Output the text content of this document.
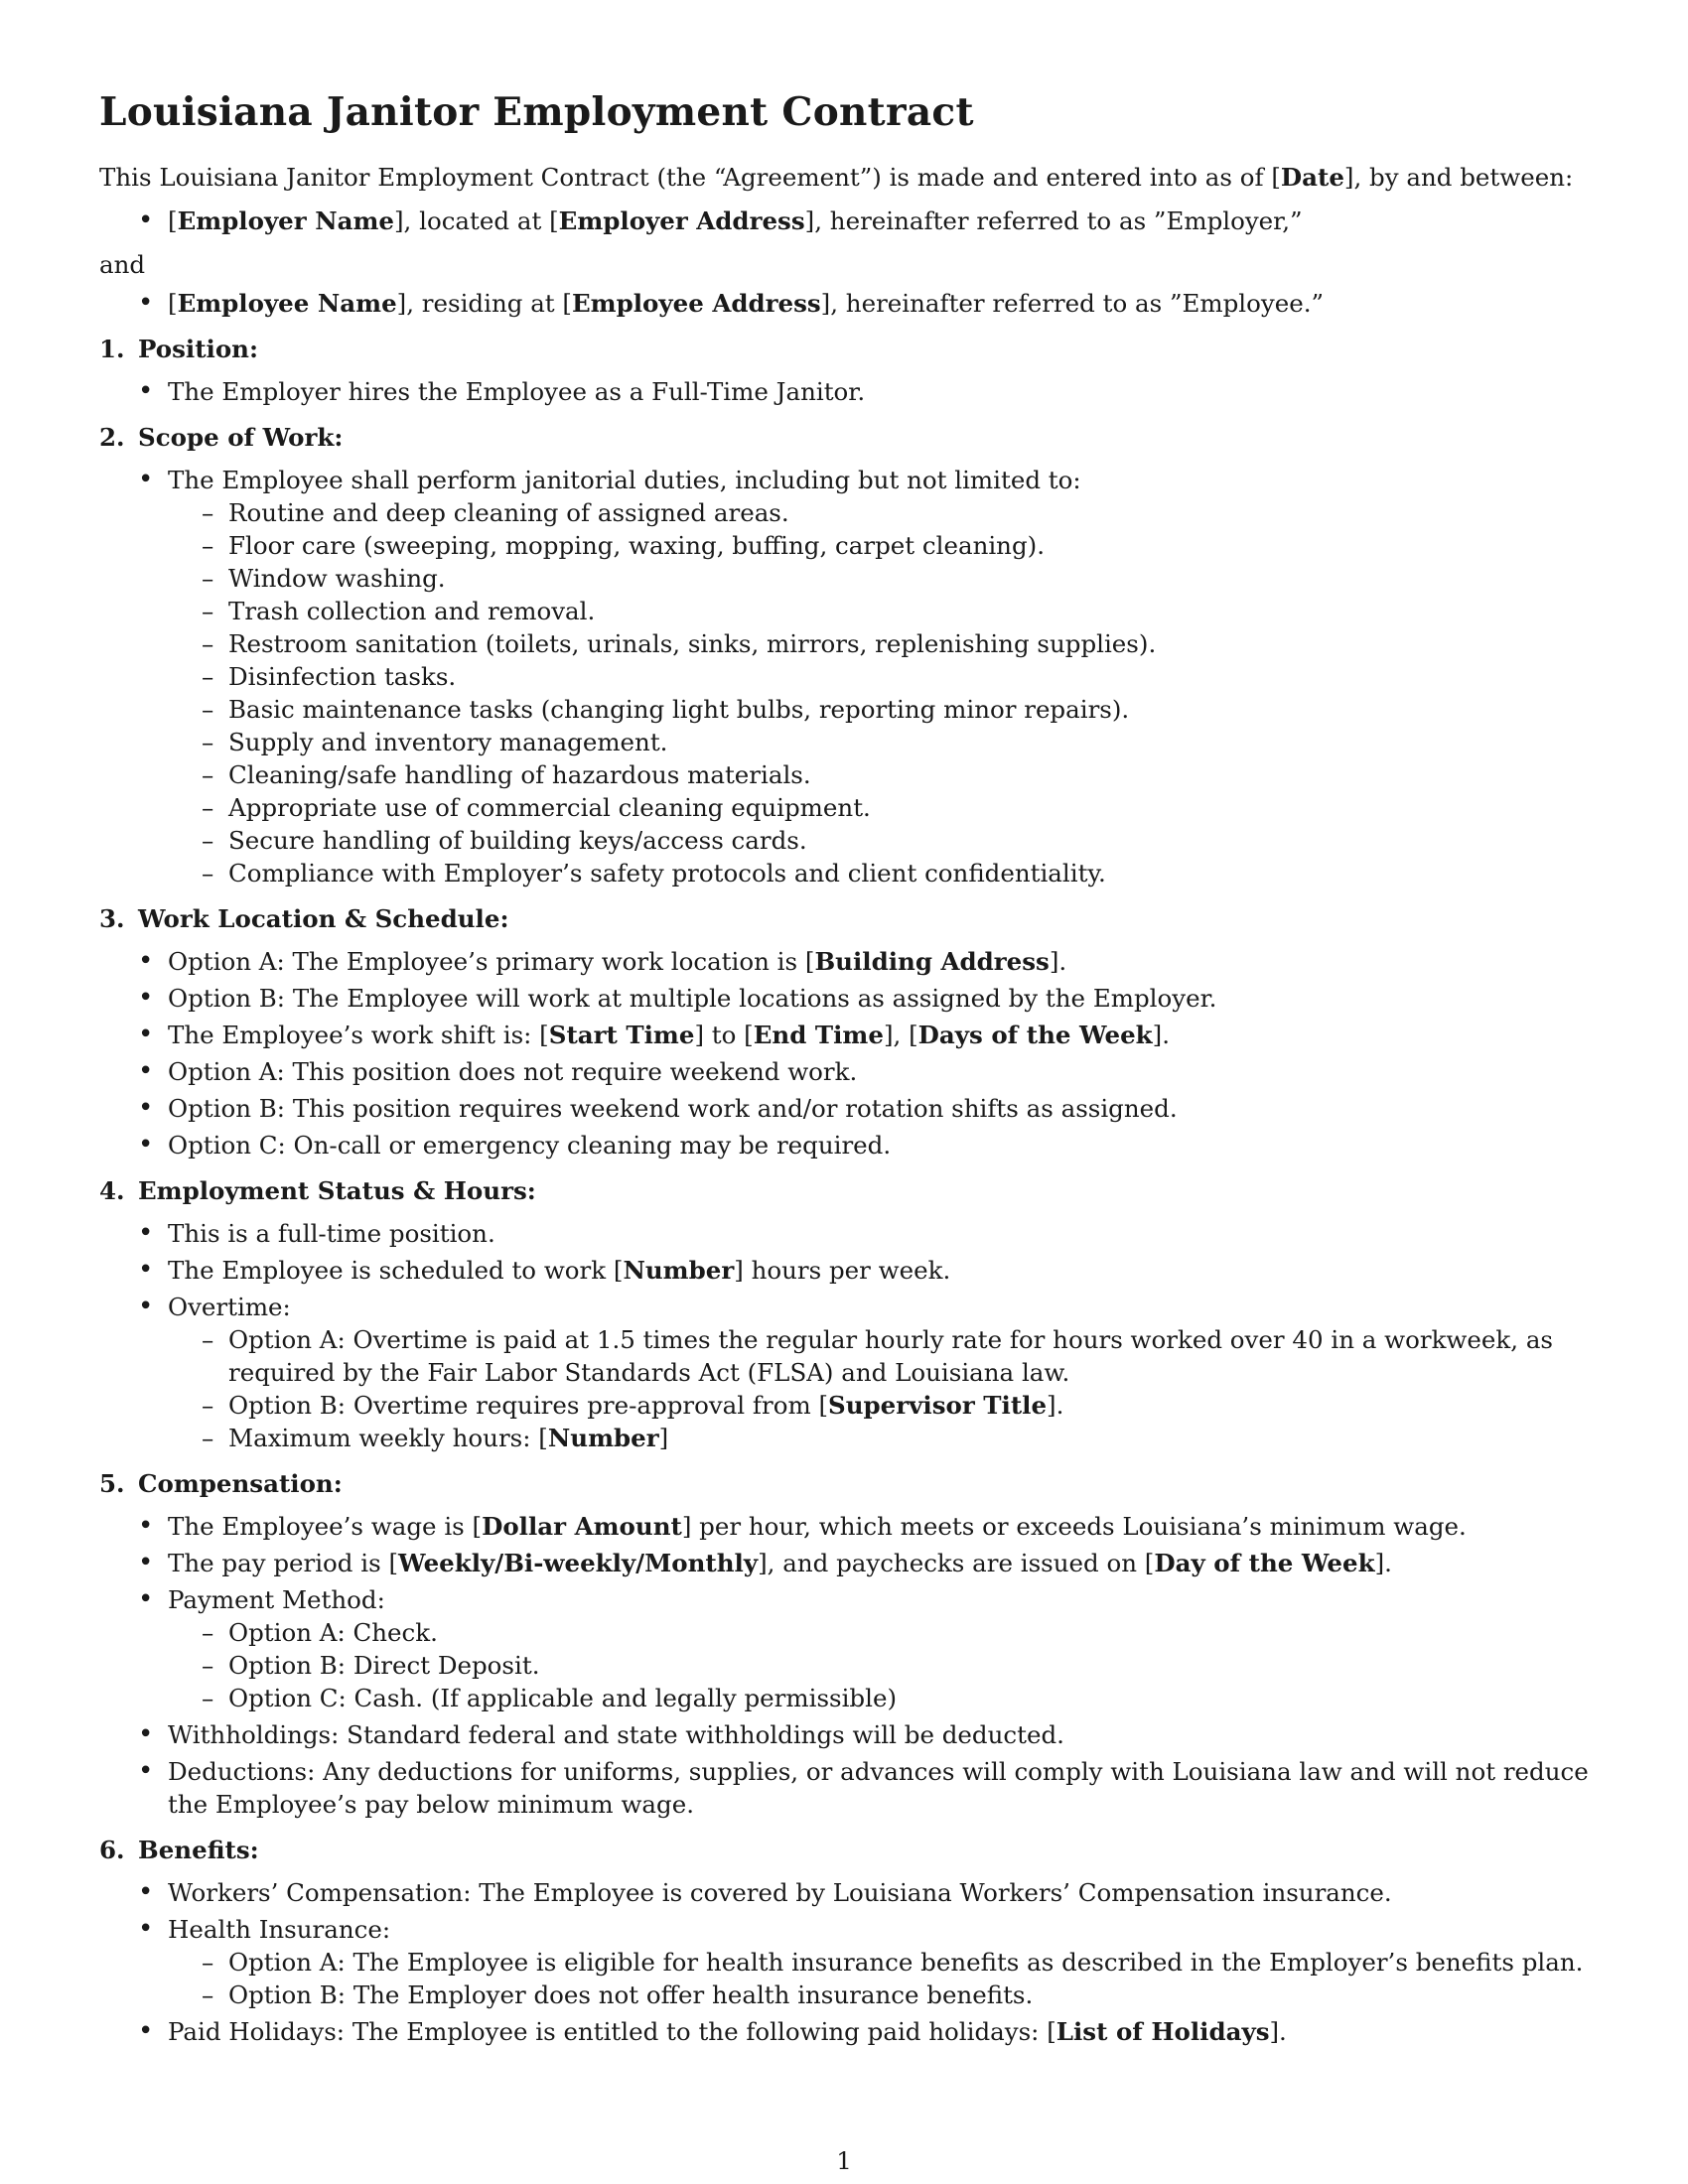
Louisiana Janitor Employment Contract

This Louisiana Janitor Employment Contract (the “Agreement”) is made and entered into as of [Date], by and between:

• [Employer Name], located at [Employer Address], hereinafter referred to as ”Employer,”

and

• [Employee Name], residing at [Employee Address], hereinafter referred to as ”Employee.”
1. Position:
• The Employer hires the Employee as a Full-Time Janitor.
2. Scope of Work:
• The Employee shall perform janitorial duties, including but not limited to:
– Routine and deep cleaning of assigned areas.
– Floor care (sweeping, mopping, waxing, buffing, carpet cleaning).
– Window washing.
– Trash collection and removal.
– Restroom sanitation (toilets, urinals, sinks, mirrors, replenishing supplies).
– Disinfection tasks.
– Basic maintenance tasks (changing light bulbs, reporting minor repairs).
– Supply and inventory management.
– Cleaning/safe handling of hazardous materials.
– Appropriate use of commercial cleaning equipment.
– Secure handling of building keys/access cards.
– Compliance with Employer’s safety protocols and client confidentiality.
3. Work Location & Schedule:
• Option A: The Employee’s primary work location is [Building Address].
• Option B: The Employee will work at multiple locations as assigned by the Employer.
• The Employee’s work shift is: [Start Time] to [End Time], [Days of the Week].
• Option A: This position does not require weekend work.
• Option B: This position requires weekend work and/or rotation shifts as assigned.
• Option C: On-call or emergency cleaning may be required.
4. Employment Status & Hours:
• This is a full-time position.
• The Employee is scheduled to work [Number] hours per week.
• Overtime:
– Option A: Overtime is paid at 1.5 times the regular hourly rate for hours worked over 40 in a workweek, as required by the Fair Labor Standards Act (FLSA) and Louisiana law.
– Option B: Overtime requires pre-approval from [Supervisor Title].
– Maximum weekly hours: [Number]
5. Compensation:
• The Employee’s wage is [Dollar Amount] per hour, which meets or exceeds Louisiana’s minimum wage.
• The pay period is [Weekly/Bi-weekly/Monthly], and paychecks are issued on [Day of the Week].
• Payment Method:
– Option A: Check.
– Option B: Direct Deposit.
– Option C: Cash. (If applicable and legally permissible)
• Withholdings: Standard federal and state withholdings will be deducted.
• Deductions: Any deductions for uniforms, supplies, or advances will comply with Louisiana law and will not reduce the Employee’s pay below minimum wage.
6. Benefits:
• Workers’ Compensation: The Employee is covered by Louisiana Workers’ Compensation insurance.
• Health Insurance:
– Option A: The Employee is eligible for health insurance benefits as described in the Employer’s benefits plan.
– Option B: The Employer does not offer health insurance benefits.
• Paid Holidays: The Employee is entitled to the following paid holidays: [List of Holidays].
1
